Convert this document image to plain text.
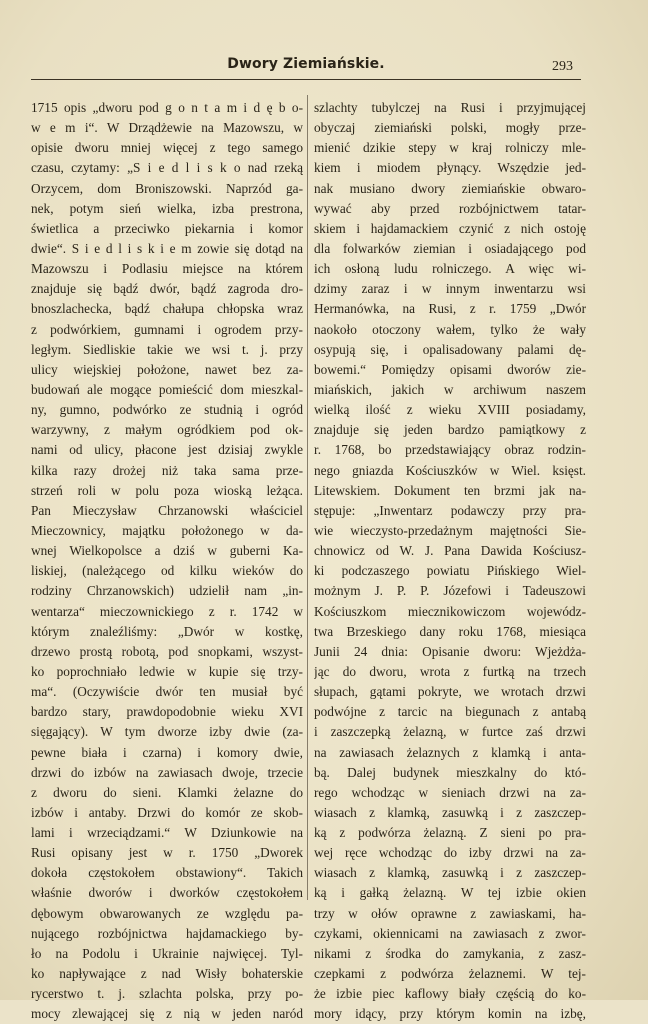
Dwory Ziemiańskie.	293
1715 opis „dworu pod g o n t a m i d ę b o-
w e m i“. W Drządżewie na Mazowszu, w
opisie dworu mniej więcej z tego samego
czasu, czytamy: „S i e d l i s k o nad rzeką
Orzycem, dom Broniszowski. Naprzód ga-
nek, potym sień wielka, izba prestrona,
świetlica a przeciwko piekarnia i komor
dwie“. S i e d l i s k i e m zowie się dotąd na
Mazowszu i Podlasiu miejsce na którem
znajduje się bądź dwór, bądź zagroda dro-
bnoszlachecka, bądź chałupa chłopska wraz
z podwórkiem, gumnami i ogrodem przy-
ległym. Siedliskie takie we wsi t. j. przy
ulicy wiejskiej położone, nawet bez za-
budowań ale mogące pomieścić dom mieszkal-
ny, gumno, podwórko ze studnią i ogród
warzywny, z małym ogródkiem pod ok-
nami od ulicy, płacone jest dzisiaj zwykle
kilka razy drożej niż taka sama prze-
strzeń roli w polu poza wioską leżąca.
Pan Mieczysław Chrzanowski właściciel
Mieczownicy, majątku położonego w da-
wnej Wielkopolsce a dziś w guberni Ka-
liskiej, (należącego od kilku wieków do
rodziny Chrzanowskich) udzielił nam „in-
wentarza“ mieczownickiego z r. 1742 w
którym znaleźliśmy: „Dwór w kostkę,
drzewo prostą robotą, pod snopkami, wszyst-
ko poprochniało ledwie w kupie się trzy-
ma“. (Oczywiście dwór ten musiał być
bardzo stary, prawdopodobnie wieku XVI
sięgający). W tym dworze izby dwie (za-
pewne biała i czarna) i komory dwie,
drzwi do izbów na zawiasach dwoje, trzecie
z dworu do sieni. Klamki żelazne do
izbów i antaby. Drzwi do komór ze skob-
lami i wrzeciądzami.“ W Dziunkowie na
Rusi opisany jest w r. 1750 „Dworek
dokoła częstokołem obstawiony“. Takich
właśnie dworów i dworków częstokołem
dębowym obwarowanych ze względu pa-
nującego rozbójnictwa hajdamackiego by-
ło na Podolu i Ukrainie najwięcej. Tyl-
ko napływające z nad Wisły bohaterskie
rycerstwo t. j. szlachta polska, przy po-
mocy zlewającej się z nią w jeden naród
szlachty tubylczej na Rusi i przyjmującej
obyczaj ziemiański polski, mogły prze-
mienić dzikie stepy w kraj rolniczy mle-
kiem i miodem płynący. Wszędzie jed-
nak musiano dwory ziemiańskie obwaro-
wywać aby przed rozbójnictwem tatar-
skiem i hajdamackiem czynić z nich ostoję
dla folwarków ziemian i osiadającego pod
ich osłoną ludu rolniczego. A więc wi-
dzimy zaraz i w innym inwentarzu wsi
Hermanówka, na Rusi, z r. 1759 „Dwór
naokoło otoczony wałem, tylko że wały
osypują się, i opalisadowany palami dę-
bowemi.“ Pomiędzy opisami dworów zie-
miańskich, jakich w archiwum naszem
wielką ilość z wieku XVIII posiadamy,
znajduje się jeden bardzo pamiątkowy z
r. 1768, bo przedstawiający obraz rodzin-
nego gniazda Kościuszków w Wiel. księst.
Litewskiem. Dokument ten brzmi jak na-
stępuje: „Inwentarz podawczy przy pra-
wie wieczysto-przedażnym majętności Sie-
chnowicz od W. J. Pana Dawida Kościusz-
ki podczaszego powiatu Pińskiego Wiel-
możnym J. P. P. Józefowi i Tadeuszowi
Kościuszkom miecznikowiczom wojewódz-
twa Brzeskiego dany roku 1768, miesiąca
Junii 24 dnia: Opisanie dworu: Wjeżdża-
jąc do dworu, wrota z furtką na trzech
słupach, gątami pokryte, we wrotach drzwi
podwójne z tarcic na biegunach z antabą
i zaszczepką żelazną, w furtce zaś drzwi
na zawiasach żelaznych z klamką i anta-
bą. Dalej budynek mieszkalny do któ-
rego wchodząc w sieniach drzwi na za-
wiasach z klamką, zasuwką i z zaszczep-
ką z podwórza żelazną. Z sieni po pra-
wej ręce wchodząc do izby drzwi na za-
wiasach z klamką, zasuwką i z zaszczep-
ką i gałką żelazną. W tej izbie okien
trzy w ołów oprawne z zawiaskami, ha-
czykami, okiennicami na zawiasach z zwor-
nikami z środka do zamykania, z zasz-
czepkami z podwórza żelaznemi. W tej-
że izbie piec kaflowy biały częścią do ko-
mory idący, przy którym komin na izbę,
